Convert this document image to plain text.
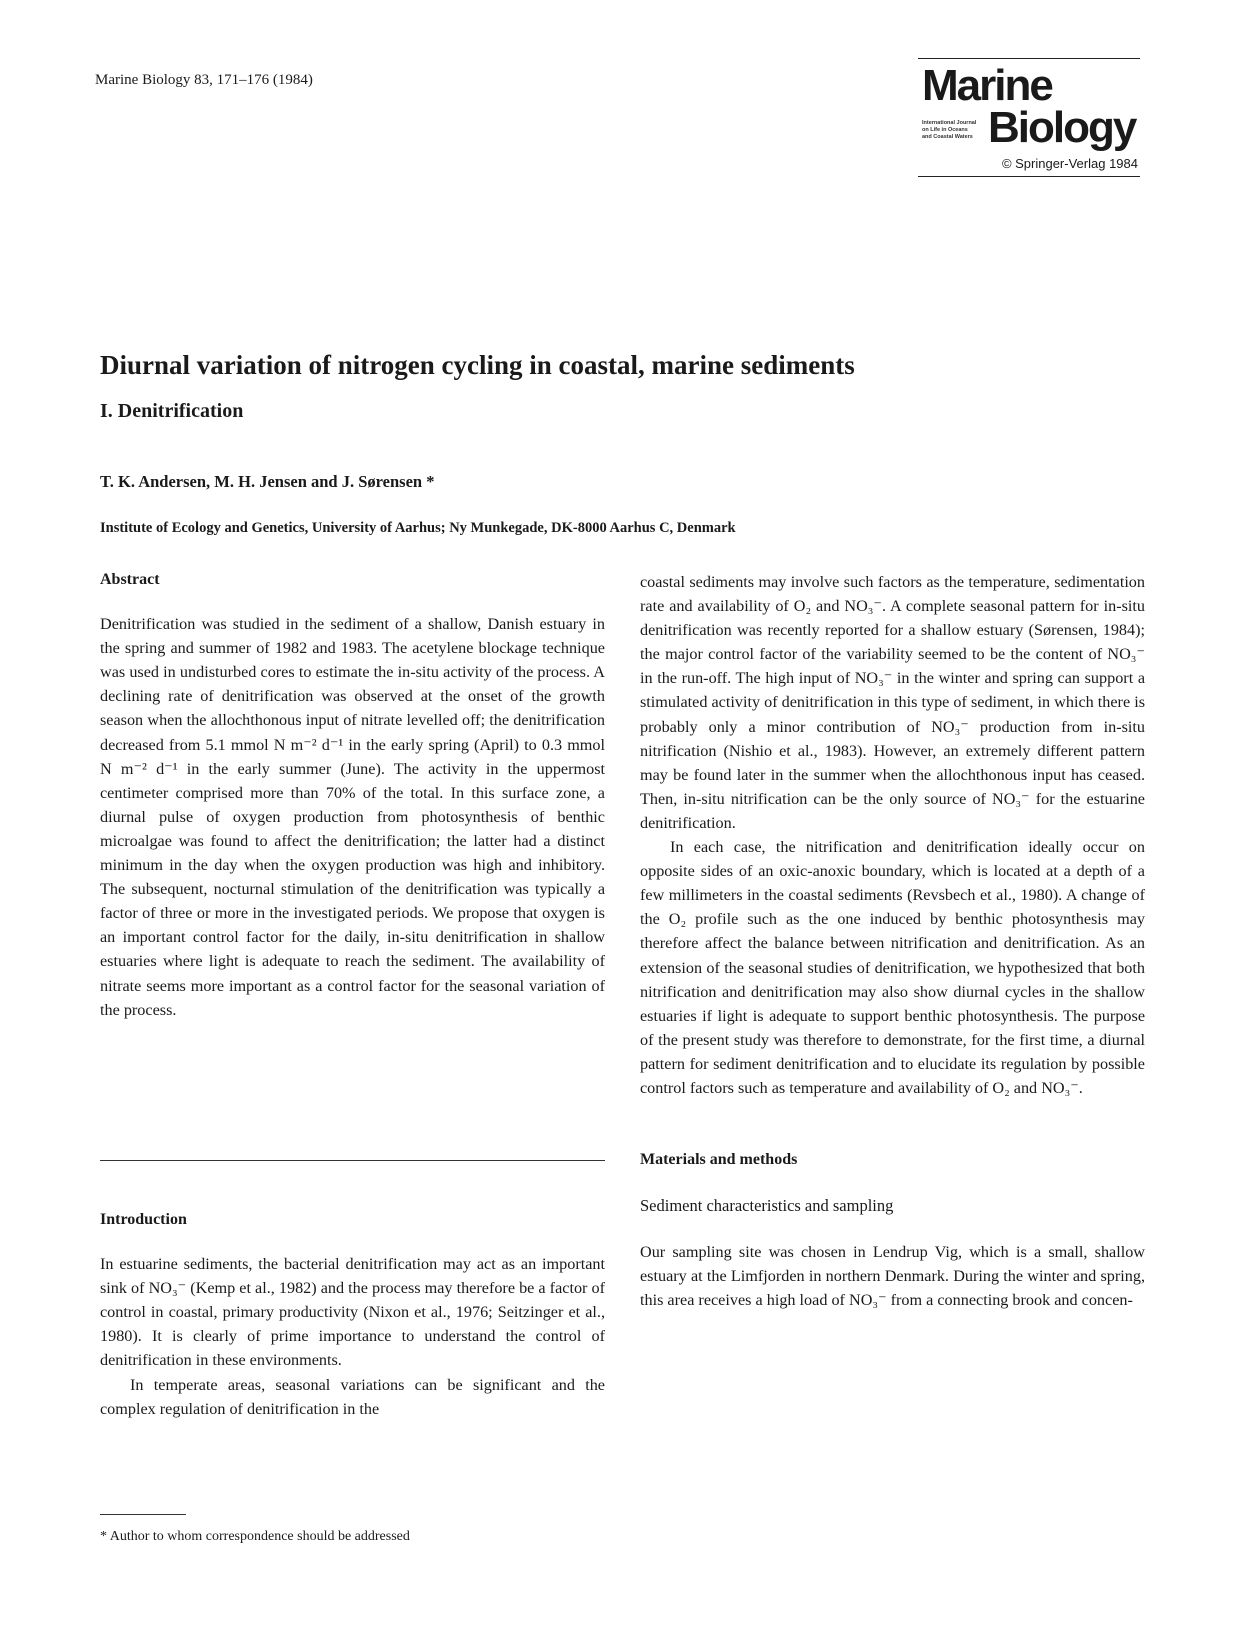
Marine Biology 83, 171–176 (1984)	Marine
International Journal
on Life in Oceans
and Coastal Waters Biology
© Springer-Verlag 1984
Diurnal variation of nitrogen cycling in coastal, marine sediments
I. Denitrification
T. K. Andersen, M. H. Jensen and J. Sørensen *
Institute of Ecology and Genetics, University of Aarhus; Ny Munkegade, DK-8000 Aarhus C, Denmark
Abstract

Denitrification was studied in the sediment of a shallow, Danish estuary in the spring and summer of 1982 and 1983. The acetylene blockage technique was used in undisturbed cores to estimate the in-situ activity of the process. A declining rate of denitrification was observed at the onset of the growth season when the allochthonous input of nitrate levelled off; the denitrification decreased from 5.1 mmol N m⁻² d⁻¹ in the early spring (April) to 0.3 mmol N m⁻² d⁻¹ in the early summer (June). The activity in the uppermost centimeter comprised more than 70% of the total. In this surface zone, a diurnal pulse of oxygen production from photosynthesis of benthic microalgae was found to affect the denitrification; the latter had a distinct minimum in the day when the oxygen production was high and inhibitory. The subsequent, nocturnal stimulation of the denitrification was typically a factor of three or more in the investigated periods. We propose that oxygen is an important control factor for the daily, in-situ denitrification in shallow estuaries where light is adequate to reach the sediment. The availability of nitrate seems more important as a control factor for the seasonal variation of the process.

Introduction

In estuarine sediments, the bacterial denitrification may act as an important sink of NO₃⁻ (Kemp et al., 1982) and the process may therefore be a factor of control in coastal, primary productivity (Nixon et al., 1976; Seitzinger et al., 1980). It is clearly of prime importance to understand the control of denitrification in these environments.

In temperate areas, seasonal variations can be significant and the complex regulation of denitrification in the

* Author to whom correspondence should be addressed

coastal sediments may involve such factors as the temperature, sedimentation rate and availability of O₂ and NO₃⁻. A complete seasonal pattern for in-situ denitrification was recently reported for a shallow estuary (Sørensen, 1984); the major control factor of the variability seemed to be the content of NO₃⁻ in the run-off. The high input of NO₃⁻ in the winter and spring can support a stimulated activity of denitrification in this type of sediment, in which there is probably only a minor contribution of NO₃⁻ production from in-situ nitrification (Nishio et al., 1983). However, an extremely different pattern may be found later in the summer when the allochthonous input has ceased. Then, in-situ nitrification can be the only source of NO₃⁻ for the estuarine denitrification.

In each case, the nitrification and denitrification ideally occur on opposite sides of an oxic-anoxic boundary, which is located at a depth of a few millimeters in the coastal sediments (Revsbech et al., 1980). A change of the O₂ profile such as the one induced by benthic photosynthesis may therefore affect the balance between nitrification and denitrification. As an extension of the seasonal studies of denitrification, we hypothesized that both nitrification and denitrification may also show diurnal cycles in the shallow estuaries if light is adequate to support benthic photosynthesis. The purpose of the present study was therefore to demonstrate, for the first time, a diurnal pattern for sediment denitrification and to elucidate its regulation by possible control factors such as temperature and availability of O₂ and NO₃⁻.

Materials and methods
Sediment characteristics and sampling

Our sampling site was chosen in Lendrup Vig, which is a small, shallow estuary at the Limfjorden in northern Denmark. During the winter and spring, this area receives a high load of NO₃⁻ from a connecting brook and concen-
